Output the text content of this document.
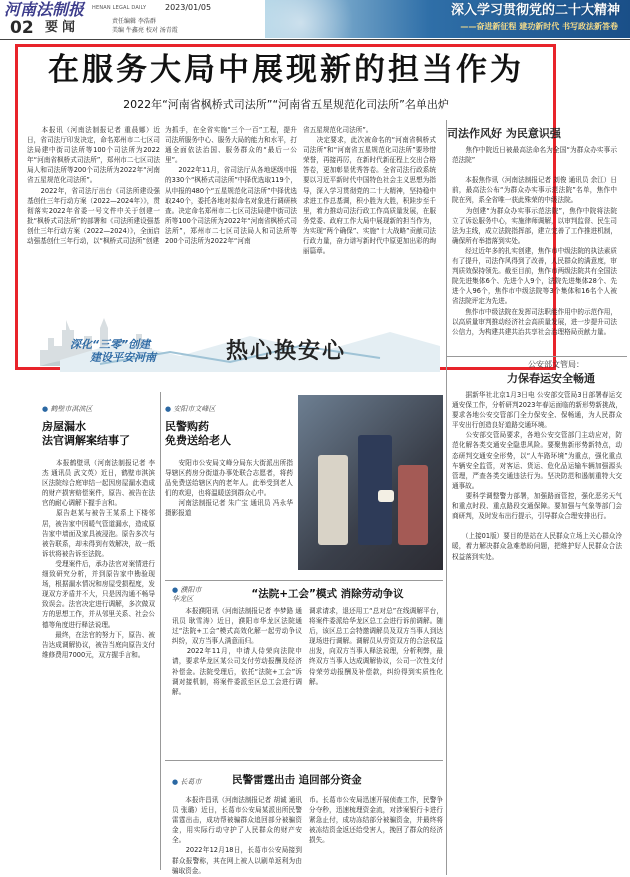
河南法制报 HENAN LEGAL DAILY 2023/01/05
02 要闻	责任编辑 李浩群
美编 牛鑫亮 校对 汤青霞
深入学习贯彻党的二十大精神
——奋进新征程 建功新时代 书写政法新答卷
在服务大局中展现新的担当作为
2022年“河南省枫桥式司法所”“河南省五星规范化司法所”名单出炉
　　本报讯（河南法制报记者 重晨娜）近日，省司法厅印发决定，命名郑州市二七区司法局建中街司法所等100个司法所为2022年“河南省枫桥式司法所”，郑州市二七区司法局人和司法所等200个司法所为2022年“河南省五星规范化司法所”。
　　2022年，省司法厅出台《司法所建设强基创仕三年行动方案（2022—2024年）》，贯彻落实2022年省委一号文件中关于创建一批“枫桥式司法所”的部署和《司法所建设强基创仕三年行动方案（2022—2024）》，全面启动强基创仕三年行动，以“枫桥式司法所”创建
为抓手，在全省实施“三个一百”工程，提升司法所服务中心、服务大局的能力和水平，打通全面依法治国、服务群众的“最后一公里”。
　　2022年11月，省司法厅从各地逐级申报的330个“枫桥式司法所”中择优选取119个，从申报的480个“五星规范化司法所”中择优选取240个，委托各地对拟命名对象进行调研核查。决定命名郑州市二七区司法局建中街司法所等100个司法所为2022年“河南省枫桥式司法所”，郑州市二七区司法局人和司法所等200个司法所为2022年“河南
省五星规范化司法所”。
　　决定要求，此次被命名的“河南省枫桥式司法所”和“河南省五星规范化司法所”要珍惜荣誉，再接再厉，在新时代新征程上交出合格答卷，更加彰显优秀答卷。全省司法行政系统要以习近平新时代中国特色社会主义思想为指导，深入学习贯彻党的二十大精神，坚持稳中求进工作总基调，积小胜为大胜，积跬步至千里，着力推动司法行政工作高质量发展，在服务党委、政府工作大局中展现新的担当作为，为实现“两个确保”、实施“十大战略”贡献司法行政力量，奋力谱写新时代中原更加出彩的绚丽篇章。
司法作风好 为民意识强
　　焦作中院近日被最高法命名为全国“为群众办实事示范法院”

　　本报焦作讯（河南法制报记者 刘俊 通讯员 余江）日前，最高法公布“为群众办实事示范法院”名单，焦作中院在列，系全省唯一获此殊荣的中级法院。
　　为创建“为群众办实事示范法院”，焦作中院将法院立了诉讼服务中心，实施律师调解，以审判监督、民生司法为主线，成立法院指挥部，建立完善了工作推进机制，确保所有举措落到实处。
　　经过近年多的扎实创建，焦作市中级法院的执法素质有了提升，司法作风得到了改善，人民群众的满意度，审判质效保持领先。截至目前，焦作市两级法院共有全国法院先进集体6个、先进个人9个，法院先进集体28个、先进个人96个，焦作市中级法院等3个集体和16名个人被省法院评定为先进。
　　焦作市中级法院在发挥司法职能作用中的示范作用，以高质量审判推动经济社会高质量发展，进一步提升司法公信力，为构建共建共治共享社会治理格局贡献力量。
深化“三零”创建
建设平安河南	热心换安心
公安部文管局：
力保春运安全畅通
　　据新华社北京1月3日电 公安部交管局3日部署春运交通安保工作，分析研判2023年春运面临的新形势新挑战，要求各地公安交管部门全力保安全、保畅通，为人民群众平安出行创造良好道路交通环境。
　　公安部交管局要求，各地公安交管部门主动应对，防范化解各类交通安全隐患风险。要聚焦新形势新特点，动态研判交通安全形势，以“人车路环境”为重点，强化重点车辆安全监管，对客运、货运、危化品运输车辆加强源头管理，严查各类交通违法行为。坚决防范和遏制重特大交通事故。
　　要科学调整警力部署，加强路面管控，强化恶劣天气和重点时段、重点路段交通保障。要加强与气象等部门会商研判，及时发布出行提示，引导群众合理安排出行。

　　（上接01版）要目的是站在人民群众立场上关心群众冷暖，着力解决群众急难愁盼问题，把维护好人民群众合法权益落到实处。
● 鹤壁市淇滨区
房屋漏水
法官调解案结事了
　　本报鹤壁讯（河南法制报记者 李杰 通讯员 武文英）近日，鹤壁市淇滨区法院综合庭审结一起因房屋漏水造成的财产损害赔偿案件，原告、被告在法官的耐心调解下握手言和。
　　原告赵某与被告王某系上下楼邻居，被告家中因暖气管道漏水，造成原告家中墙面及家具被浸泡。原告多次与被告联系，却未得到有效解决，故一纸诉状将被告诉至法院。
　　受理案件后，承办法官对案情进行细致研究分析，并到原告家中勘验现场，根据漏水情况和房屋受损程度，发现双方矛盾并不大，只是因沟通不畅导致误会。法官决定进行调解，多次做双方的思想工作，并从邻里关系、社会公德等角度进行释法说理。
　　最终，在法官的努力下，原告、被告达成调解协议，被告当庭向原告支付维修费用7000元，双方握手言和。
● 安阳市文峰区
民警购药
免费送给老人
　　安阳市公安局文峰分局东大街派出所指导辖区药房分街道办事处联合志愿者，将药品免费送给辖区内的老年人。此举受到老人们的欢迎，也将温暖送到群众心中。
　　河南法制报记者 朱广宝 通讯员 冯永华 摄影报道
● 濮阳市华龙区	“法院+工会”模式 消除劳动争议
　　本报濮阳讯（河南法制报记者 李梦路 通讯员 耿雪涛）近日，濮阳市华龙区法院通过“法院+工会”模式高效化解一起劳动争议纠纷，双方当事人满意而归。
　　2022年11月，申请人侍荣向法院申请，要求华龙区某公司支付劳动报酬及经济补偿金。法院受理后，依托“法院+工会”诉调对接机制，将案件委派至区总工会进行调解。
调求请求，退还用工“总对总”在线调解平台，将案件委派给华龙区总工会进行诉前调解。随后，该区总工会特邀调解员及双方当事人到达现场进行调解。调解员从劳资双方的合法权益出发，向双方当事人释法说理，分析利弊，最终双方当事人达成调解协议，公司一次性支付侍荣劳动报酬及补偿款，纠纷得到实质性化解。
● 长葛市	民警雷霆出击 追回部分资金
　　本报许昌讯（河南法制报记者 胡诚 通讯员 张璐）近日，长葛市公安局某派出所民警雷霆出击，成功帮被骗群众追回部分被骗资金，用实际行动守护了人民群众的财产安全。
　　2022年12月18日，长葛市公安局接到群众报警称，其在网上被人以刷单返利为由骗取资金。
币。长葛市公安局迅速开展侦查工作，民警争分夺秒，迅速梳理资金流，对涉案银行卡进行紧急止付，成功冻结部分被骗资金，并最终将被冻结资金返还给受害人，挽回了群众的经济损失。
